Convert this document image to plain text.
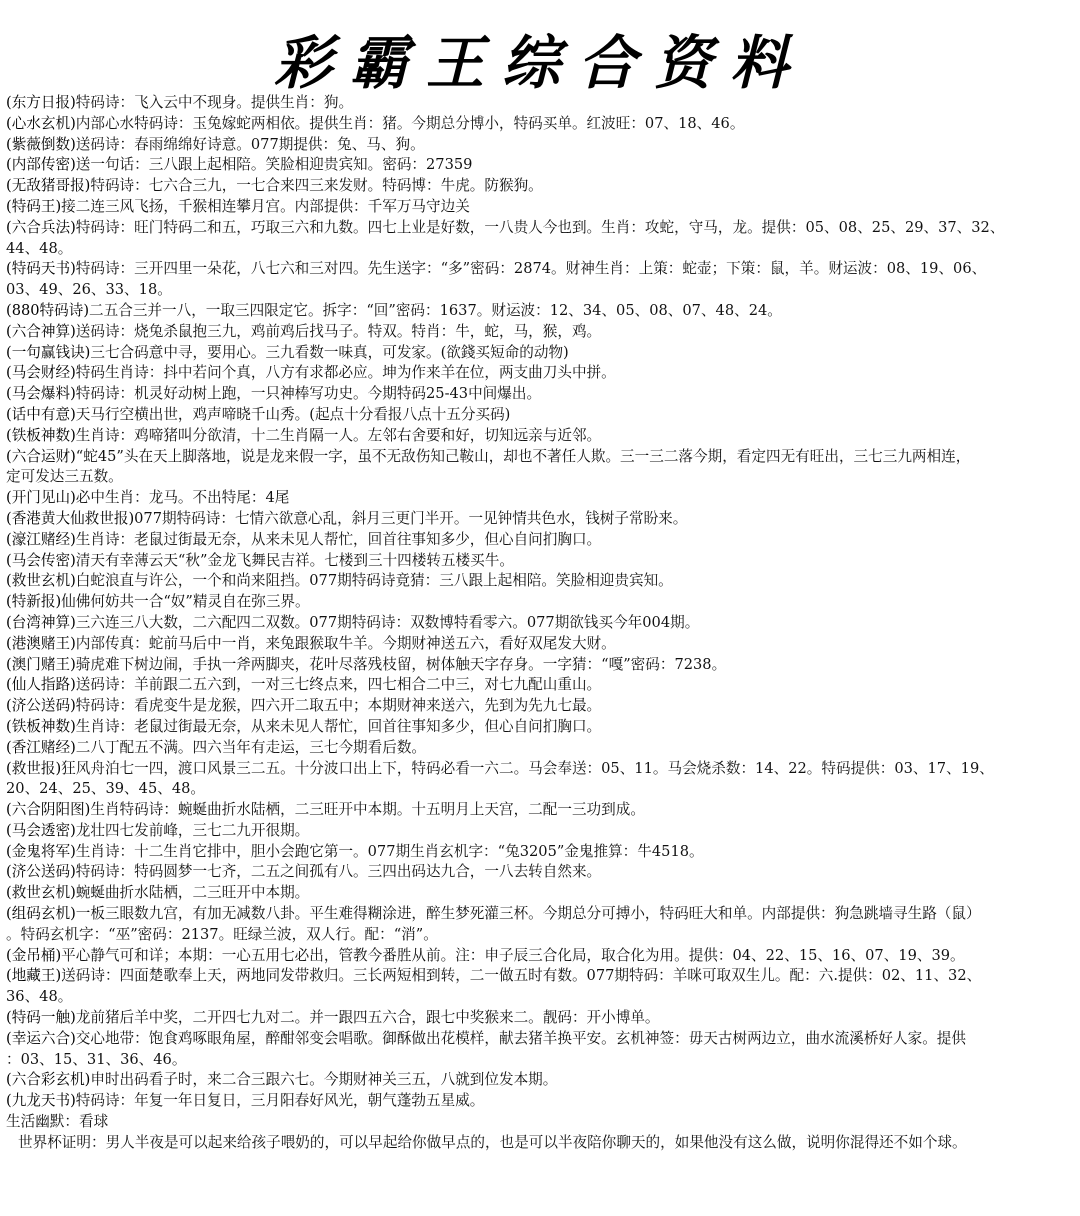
彩霸王综合资料
(东方日报)特码诗：飞入云中不现身。提供生肖：狗。
(心水玄机)内部心水特码诗：玉兔嫁蛇两相依。提供生肖：猪。今期总分博小，特码买单。红波旺：07、18、46。
(紫薇倒数)送码诗：春雨绵绵好诗意。077期提供：兔、马、狗。
(内部传密)送一句话：三八跟上起相陪。笑脸相迎贵宾知。密码：27359
(无敌猪哥报)特码诗：七六合三九，一七合来四三来发财。特码博：牛虎。防猴狗。
(特码王)接二连三风飞扬，千猴相连攀月宫。内部提供：千军万马守边关
(六合兵法)特码诗：旺门特码二和五，巧取三六和九数。四七上业是好数，一八贵人今也到。生肖：攻蛇，守马，龙。提供：05、08、25、29、37、32、
44、48。
(特码天书)特码诗：三开四里一朵花，八七六和三对四。先生送字：“多”密码：2874。财神生肖：上策：蛇壶；下策：鼠，羊。财运波：08、19、06、
03、49、26、33、18。
(880特码诗)二五合三并一八，一取三四限定它。拆字：“回”密码：1637。财运波：12、34、05、08、07、48、24。
(六合神算)送码诗：烧兔杀鼠抱三九，鸡前鸡后找马子。特双。特肖：牛，蛇，马，猴，鸡。
(一句赢钱诀)三七合码意中寻，要用心。三九看数一味真，可发家。(欲錢买短命的动物)
(马会财经)特码生肖诗：抖中若问个真，八方有求都必应。坤为作来羊在位，两支曲刀头中拼。
(马会爆料)特码诗：机灵好动树上跑，一只神棒写功史。今期特码25-43中间爆出。
(话中有意)天马行空横出世，鸡声啼晓千山秀。(起点十分看报八点十五分买码)
(铁板神数)生肖诗：鸡啼猪叫分欲清，十二生肖隔一人。左邻右舍要和好，切知远亲与近邻。
(六合运财)“蛇45”头在天上脚落地，说是龙来假一字，虽不无敌伤知己鞍山，却也不著任人欺。三一三二落今期，看定四无有旺出，三七三九两相连，
定可发达三五数。
(开门见山)必中生肖：龙马。不出特尾：4尾
(香港黄大仙救世报)077期特码诗：七情六欲意心乱，斜月三更门半开。一见钟情共色水，钱树子常盼来。
(濠江赌经)生肖诗：老鼠过街最无奈，从来未见人帮忙，回首往事知多少，但心自问扪胸口。
(马会传密)清天有幸薄云天“秋”金龙飞舞民吉祥。七楼到三十四楼转五楼买牛。
(救世玄机)白蛇浪直与许公，一个和尚来阻挡。077期特码诗竟猜：三八跟上起相陪。笑脸相迎贵宾知。
(特新报)仙佛何妨共一合“奴”精灵自在弥三界。
(台湾神算)三六连三八大数，二六配四二双数。077期特码诗：双数博特看零六。077期欲钱买今年004期。
(港澳赌王)内部传真：蛇前马后中一肖，来兔跟猴取牛羊。今期财神送五六，看好双尾发大财。
(澳门赌王)骑虎难下树边闹，手执一斧两脚夹，花叶尽落残枝留，树体触天字存身。一字猜：“嘎”密码：7238。
(仙人指路)送码诗：羊前跟二五六到，一对三七终点来，四七相合二中三，对七九配山重山。
(济公送码)特码诗：看虎变牛是龙猴，四六开二取五中；本期财神来送六，先到为先九七最。
(铁板神数)生肖诗：老鼠过街最无奈，从来未见人帮忙，回首往事知多少，但心自问扪胸口。
(香江赌经)二八丁配五不满。四六当年有走运，三七今期看后数。
(救世报)狂风舟泊七一四，渡口风景三二五。十分波口出上下，特码必看一六二。马会奉送：05、11。马会烧杀数：14、22。特码提供：03、17、19、
20、24、25、39、45、48。
(六合阴阳图)生肖特码诗：蜿蜒曲折水陆栖，二三旺开中本期。十五明月上天宫，二配一三功到成。
(马会透密)龙壮四七发前峰，三七二九开很期。
(金鬼将军)生肖诗：十二生肖它排中，胆小会跑它第一。077期生肖玄机字：“兔3205”金鬼推算：牛4518。
(济公送码)特码诗：特码圆梦一七齐，二五之间孤有八。三四出码达九合，一八去转自然来。
(救世玄机)蜿蜒曲折水陆栖，二三旺开中本期。
(组码玄机)一板三眼数九宫，有加无减数八卦。平生难得糊涂进，醉生梦死灌三杯。今期总分可搏小，特码旺大和单。内部提供：狗急跳墙寻生路（鼠）
。特码玄机字：“巫”密码：2137。旺绿兰波，双人行。配：“消”。
(金吊桶)平心静气可和详；本期：一心五用七必出，管教今番胜从前。注：申子辰三合化局，取合化为用。提供：04、22、15、16、07、19、39。
(地藏王)送码诗：四面楚歌奉上天，两地同发带救归。三长两短相到转，二一做五时有数。077期特码：羊咪可取双生儿。配：六.提供：02、11、32、
36、48。
(特码一触)龙前猪后羊中奖，二开四七九对二。并一跟四五六合，跟七中奖猴来二。靓码：开小博单。
(幸运六合)交心地带：饱食鸡啄眼角屋，醉酣邻变会唱歌。御酥做出花模样，献去猪羊换平安。玄机神签：毋天古树两边立，曲水流溪桥好人家。提供
：03、15、31、36、46。
(六合彩玄机)申时出码看子时，来二合三跟六七。今期财神关三五，八就到位发本期。
(九龙天书)特码诗：年复一年日复日，三月阳春好风光，朝气蓬勃五星威。
生活幽默：看球
世界杯证明：男人半夜是可以起来给孩子喂奶的，可以早起给你做早点的，也是可以半夜陪你聊天的，如果他没有这么做，说明你混得还不如个球。
